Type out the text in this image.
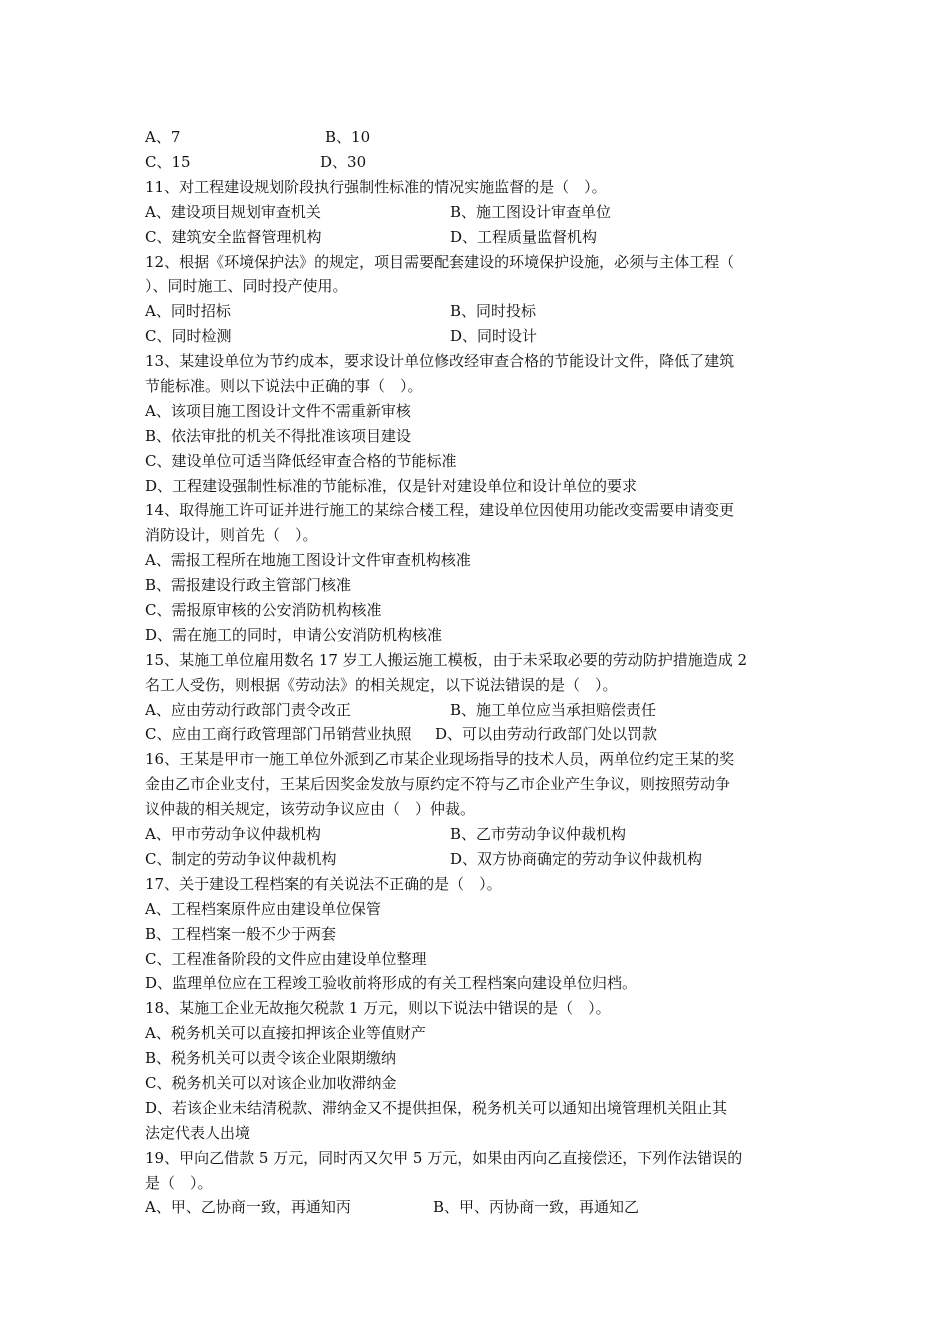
A、7	B、10
C、15	D、30
11、对工程建设规划阶段执行强制性标准的情况实施监督的是（　）。
A、建设项目规划审查机关	B、施工图设计审查单位
C、建筑安全监督管理机构	D、工程质量监督机构
12、根据《环境保护法》的规定，项目需要配套建设的环境保护设施，必须与主体工程（
）、同时施工、同时投产使用。
A、同时招标	B、同时投标
C、同时检测	D、同时设计
13、某建设单位为节约成本，要求设计单位修改经审查合格的节能设计文件，降低了建筑
节能标准。则以下说法中正确的事（　）。
A、该项目施工图设计文件不需重新审核
B、依法审批的机关不得批准该项目建设
C、建设单位可适当降低经审查合格的节能标准
D、工程建设强制性标准的节能标准，仅是针对建设单位和设计单位的要求
14、取得施工许可证并进行施工的某综合楼工程，建设单位因使用功能改变需要申请变更
消防设计，则首先（　）。
A、需报工程所在地施工图设计文件审查机构核准
B、需报建设行政主管部门核准
C、需报原审核的公安消防机构核准
D、需在施工的同时，申请公安消防机构核准
15、某施工单位雇用数名 17 岁工人搬运施工模板，由于未采取必要的劳动防护措施造成 2
名工人受伤，则根据《劳动法》的相关规定，以下说法错误的是（　）。
A、应由劳动行政部门责令改正	B、施工单位应当承担赔偿责任
C、应由工商行政管理部门吊销营业执照	D、可以由劳动行政部门处以罚款
16、王某是甲市一施工单位外派到乙市某企业现场指导的技术人员，两单位约定王某的奖
金由乙市企业支付，王某后因奖金发放与原约定不符与乙市企业产生争议，则按照劳动争
议仲裁的相关规定，该劳动争议应由（　）仲裁。
A、甲市劳动争议仲裁机构	B、乙市劳动争议仲裁机构
C、制定的劳动争议仲裁机构	D、双方协商确定的劳动争议仲裁机构
17、关于建设工程档案的有关说法不正确的是（　）。
A、工程档案原件应由建设单位保管
B、工程档案一般不少于两套
C、工程准备阶段的文件应由建设单位整理
D、监理单位应在工程竣工验收前将形成的有关工程档案向建设单位归档。
18、某施工企业无故拖欠税款 1 万元，则以下说法中错误的是（　）。
A、税务机关可以直接扣押该企业等值财产
B、税务机关可以责令该企业限期缴纳
C、税务机关可以对该企业加收滞纳金
D、若该企业未结清税款、滞纳金又不提供担保，税务机关可以通知出境管理机关阻止其
法定代表人出境
19、甲向乙借款 5 万元，同时丙又欠甲 5 万元，如果由丙向乙直接偿还，下列作法错误的
是（　）。
A、甲、乙协商一致，再通知丙	B、甲、丙协商一致，再通知乙
